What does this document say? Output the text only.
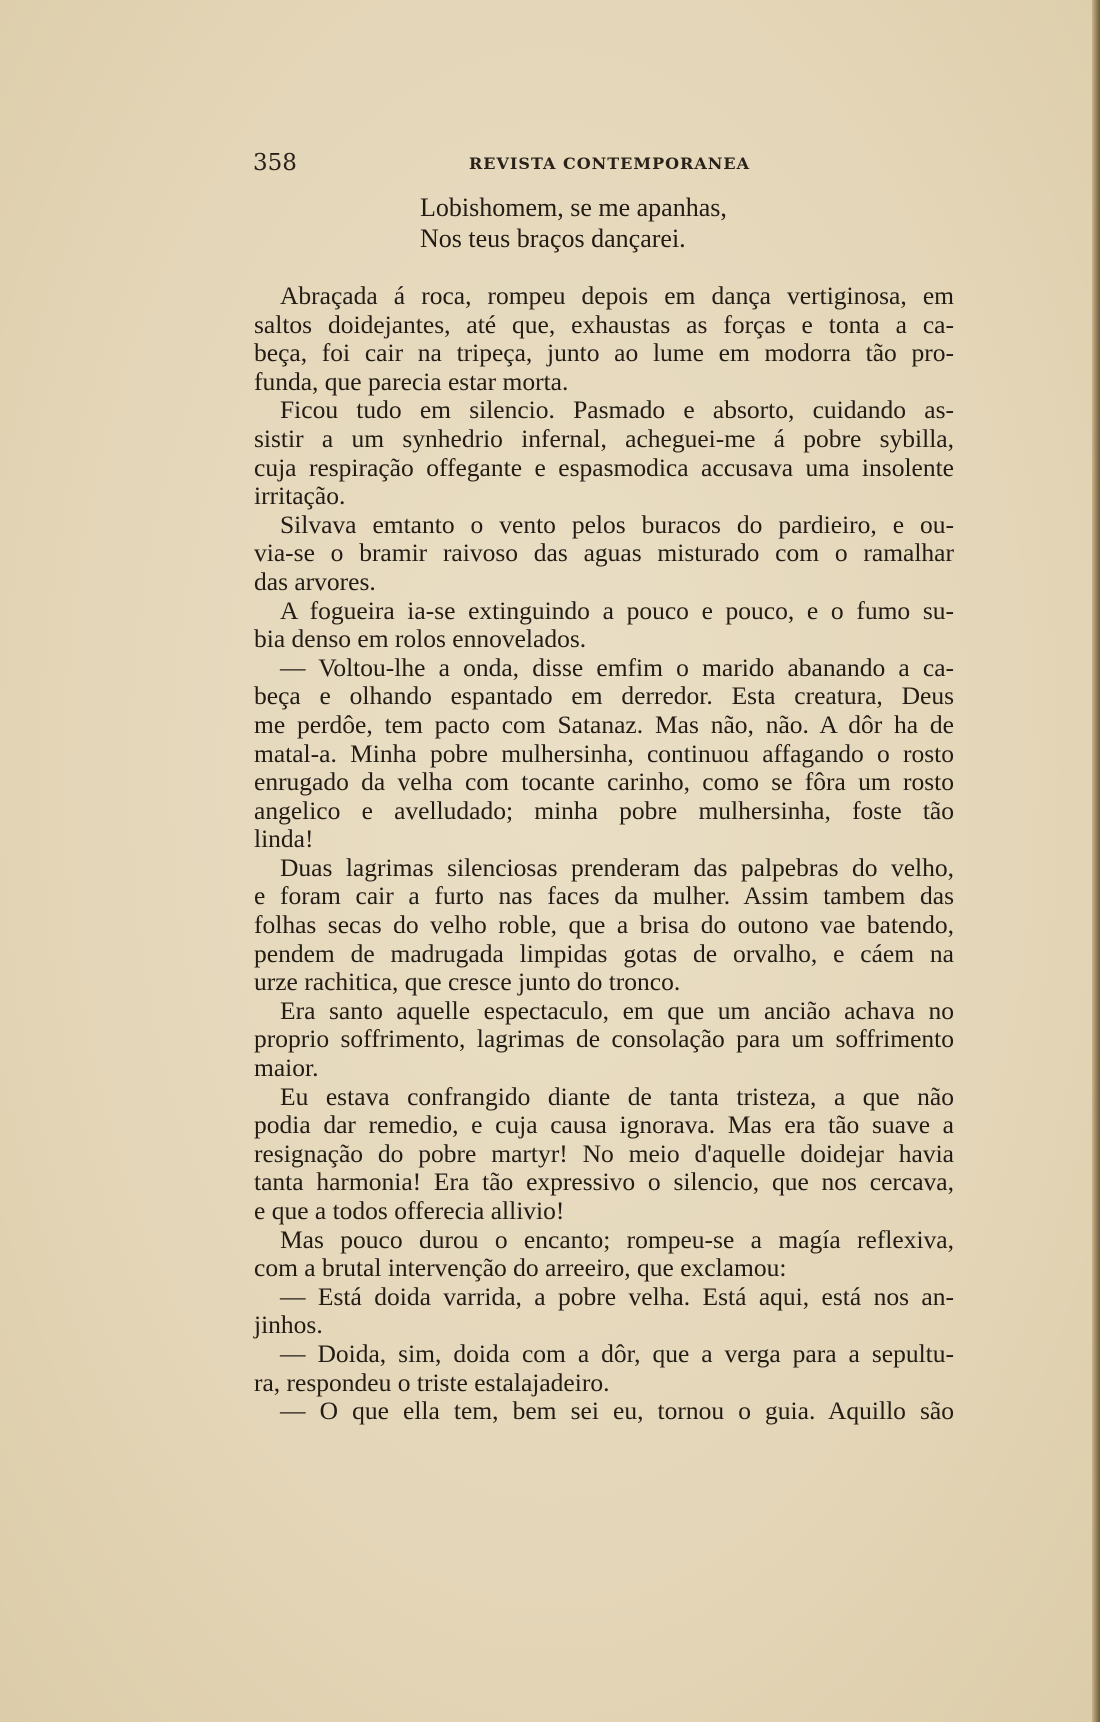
358	REVISTA CONTEMPORANEA
Lobishomem, se me apanhas,
Nos teus braços dançarei.
Abraçada á roca, rompeu depois em dança vertiginosa, em
saltos doidejantes, até que, exhaustas as forças e tonta a ca-
beça, foi cair na tripeça, junto ao lume em modorra tão pro-
funda, que parecia estar morta.
Ficou tudo em silencio. Pasmado e absorto, cuidando as-
sistir a um synhedrio infernal, acheguei-me á pobre sybilla,
cuja respiração offegante e espasmodica accusava uma insolente
irritação.
Silvava emtanto o vento pelos buracos do pardieiro, e ou-
via-se o bramir raivoso das aguas misturado com o ramalhar
das arvores.
A fogueira ia-se extinguindo a pouco e pouco, e o fumo su-
bia denso em rolos ennovelados.
— Voltou-lhe a onda, disse emfim o marido abanando a ca-
beça e olhando espantado em derredor. Esta creatura, Deus
me perdôe, tem pacto com Satanaz. Mas não, não. A dôr ha de
matal-a. Minha pobre mulhersinha, continuou affagando o rosto
enrugado da velha com tocante carinho, como se fôra um rosto
angelico e avelludado; minha pobre mulhersinha, foste tão
linda!
Duas lagrimas silenciosas prenderam das palpebras do velho,
e foram cair a furto nas faces da mulher. Assim tambem das
folhas secas do velho roble, que a brisa do outono vae batendo,
pendem de madrugada limpidas gotas de orvalho, e cáem na
urze rachitica, que cresce junto do tronco.
Era santo aquelle espectaculo, em que um ancião achava no
proprio soffrimento, lagrimas de consolação para um soffrimento
maior.
Eu estava confrangido diante de tanta tristeza, a que não
podia dar remedio, e cuja causa ignorava. Mas era tão suave a
resignação do pobre martyr! No meio d'aquelle doidejar havia
tanta harmonia! Era tão expressivo o silencio, que nos cercava,
e que a todos offerecia allivio!
Mas pouco durou o encanto; rompeu-se a magía reflexiva,
com a brutal intervenção do arreeiro, que exclamou:
— Está doida varrida, a pobre velha. Está aqui, está nos an-
jinhos.
— Doida, sim, doida com a dôr, que a verga para a sepultu-
ra, respondeu o triste estalajadeiro.
— O que ella tem, bem sei eu, tornou o guia. Aquillo são
